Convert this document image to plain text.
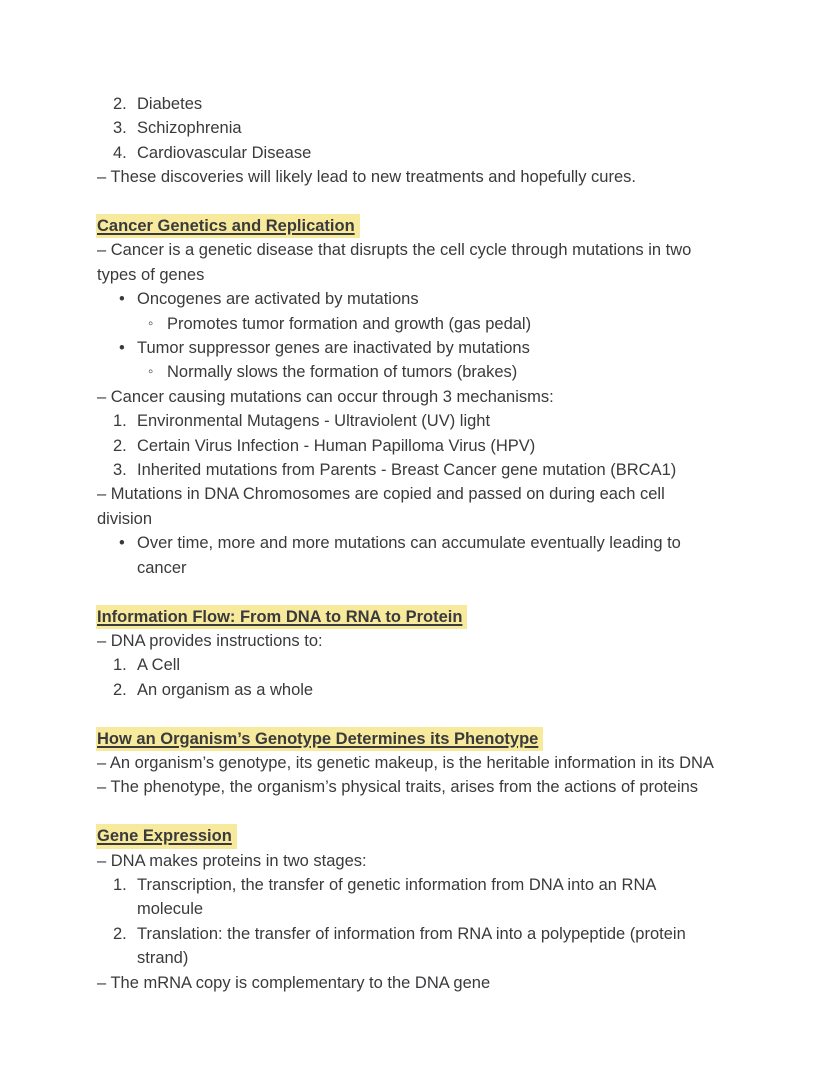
2. Diabetes
3. Schizophrenia
4. Cardiovascular Disease

– These discoveries will likely lead to new treatments and hopefully cures.

Cancer Genetics and Replication

– Cancer is a genetic disease that disrupts the cell cycle through mutations in two types of genes

• Oncogenes are activated by mutations
◦ Promotes tumor formation and growth (gas pedal)
• Tumor suppressor genes are inactivated by mutations
◦ Normally slows the formation of tumors (brakes)

– Cancer causing mutations can occur through 3 mechanisms:

1. Environmental Mutagens - Ultraviolent (UV) light
2. Certain Virus Infection - Human Papilloma Virus (HPV)
3. Inherited mutations from Parents - Breast Cancer gene mutation (BRCA1)

– Mutations in DNA Chromosomes are copied and passed on during each cell division

• Over time, more and more mutations can accumulate eventually leading to cancer
Information Flow: From DNA to RNA to Protein

– DNA provides instructions to:

1. A Cell
2. An organism as a whole
How an Organism’s Genotype Determines its Phenotype

– An organism’s genotype, its genetic makeup, is the heritable information in its DNA

– The phenotype, the organism’s physical traits, arises from the actions of proteins

Gene Expression

– DNA makes proteins in two stages:

1. Transcription, the transfer of genetic information from DNA into an RNA molecule
2. Translation: the transfer of information from RNA into a polypeptide (protein strand)

– The mRNA copy is complementary to the DNA gene
